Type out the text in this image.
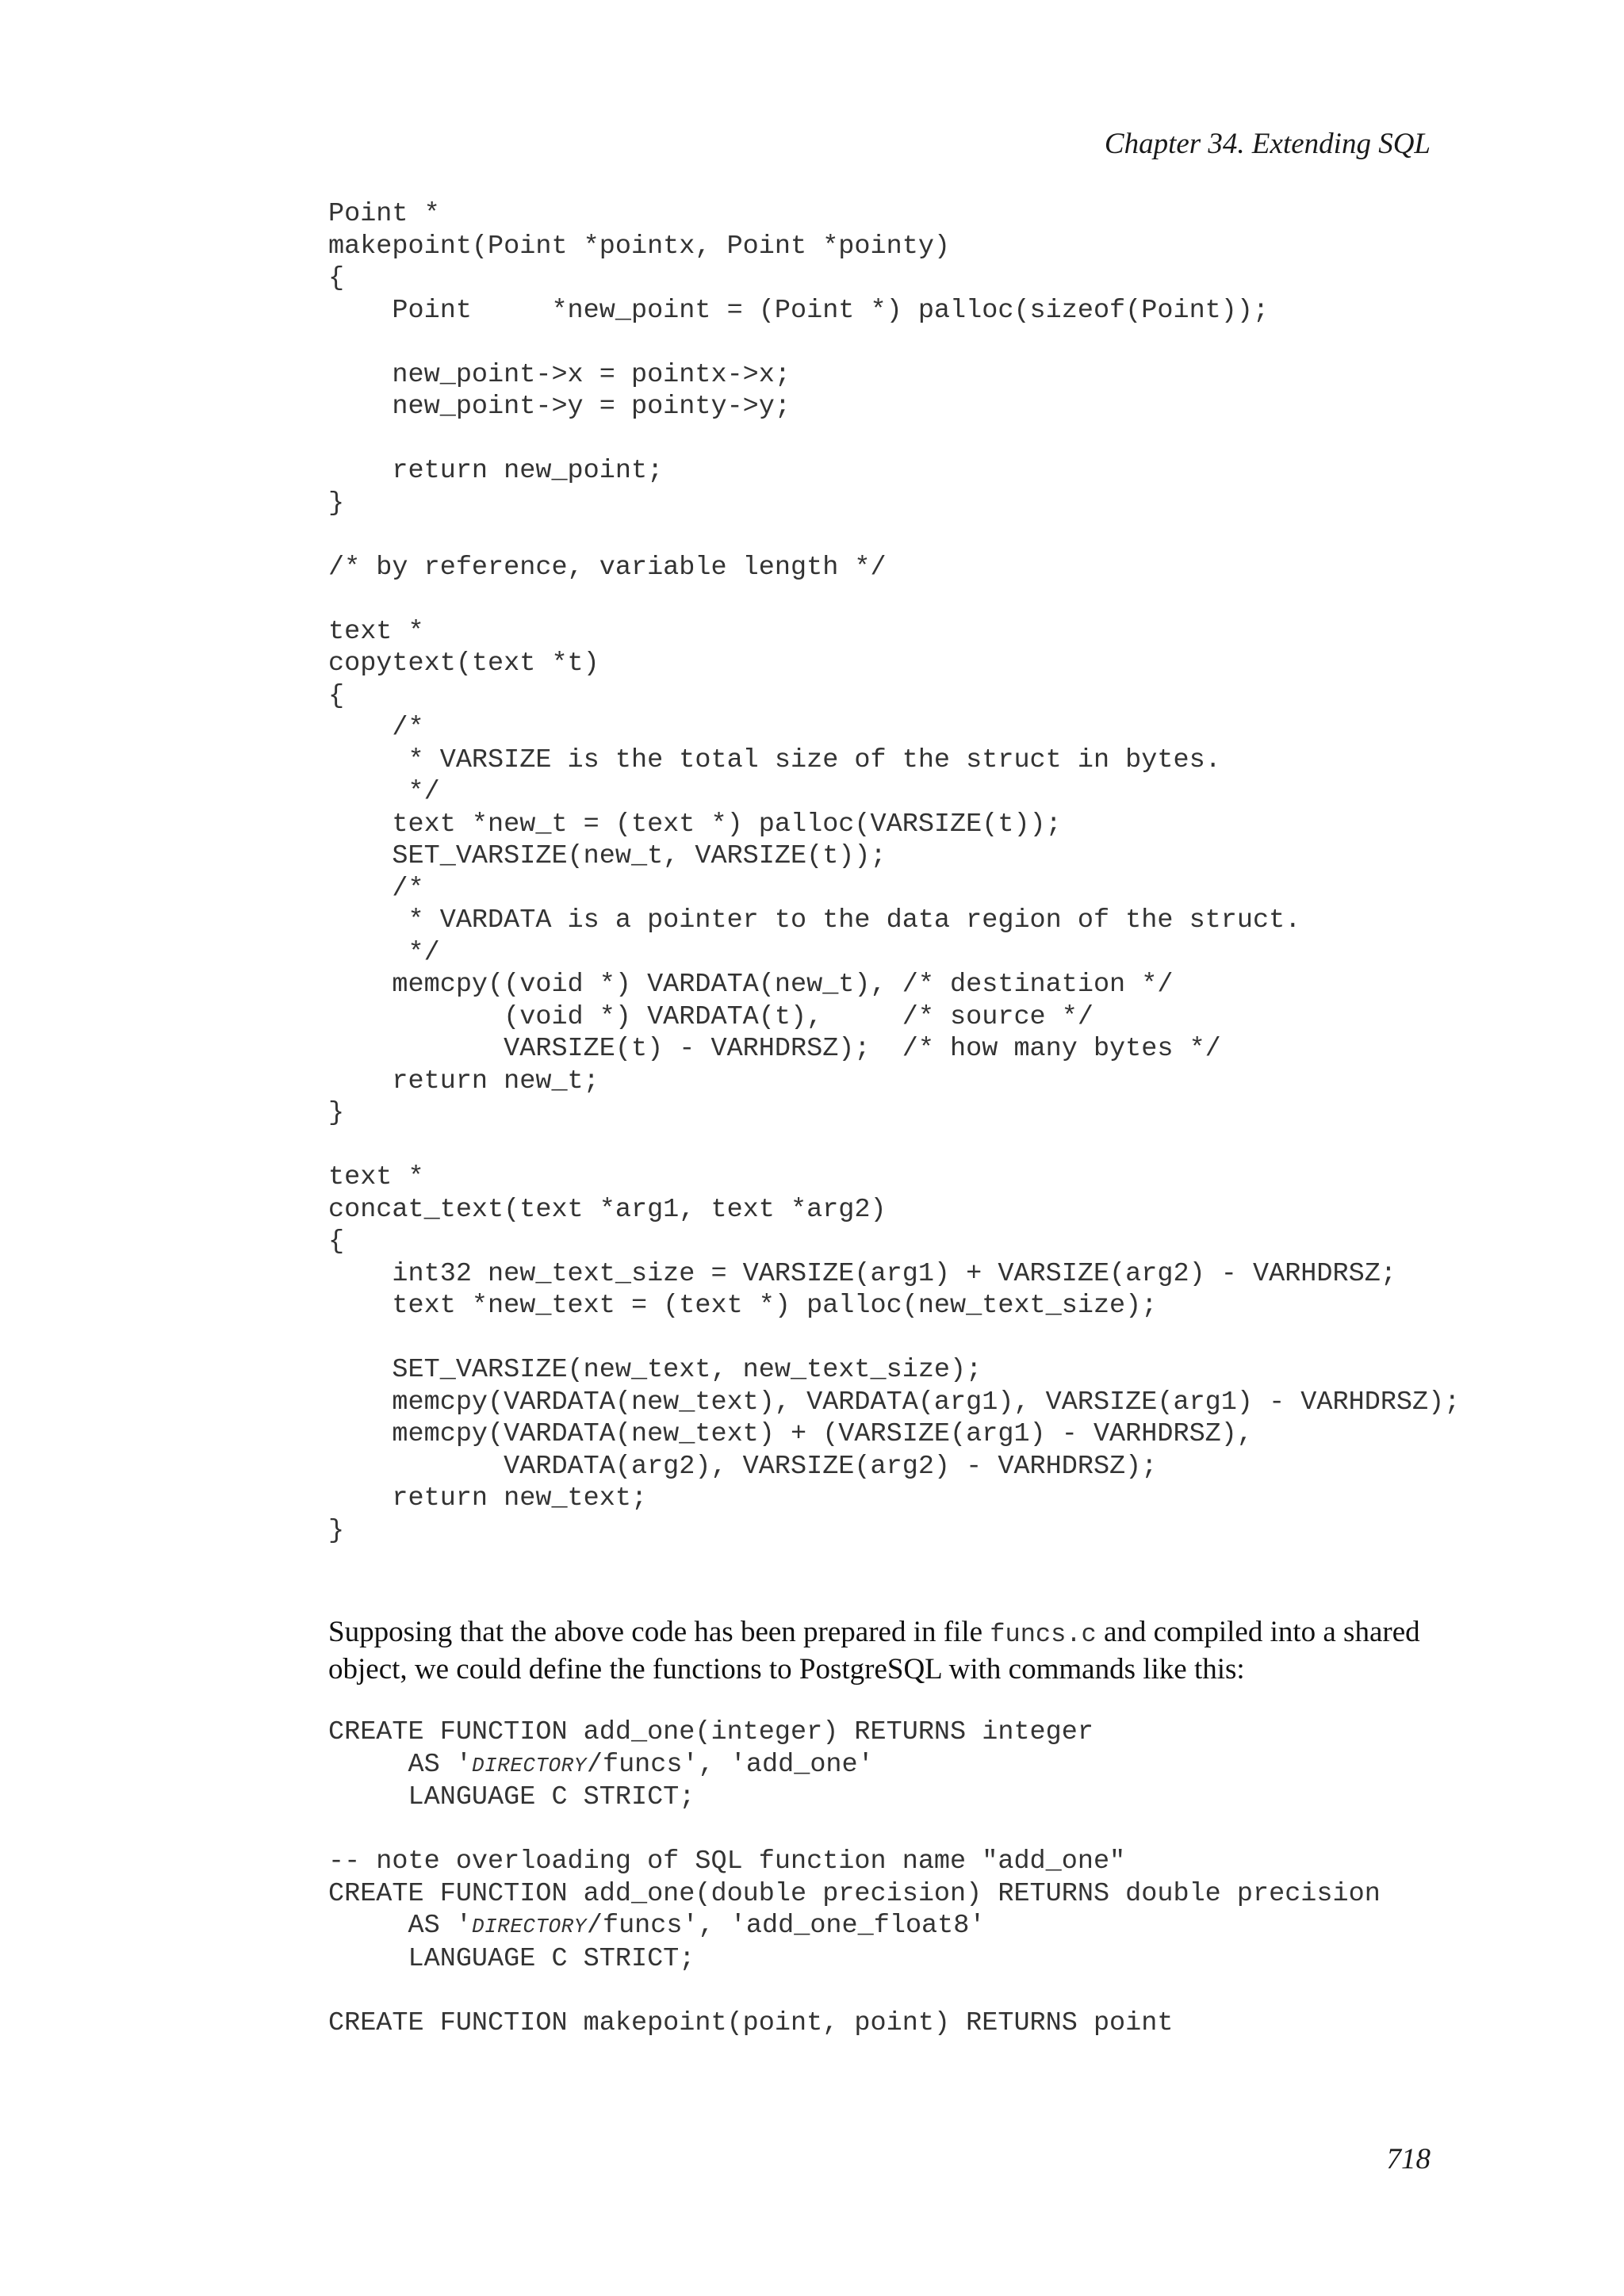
Chapter 34. Extending SQL
Point *
makepoint(Point *pointx, Point *pointy)
{
Point     *new_point = (Point *) palloc(sizeof(Point));

new_point->x = pointx->x;
new_point->y = pointy->y;

return new_point;
}

/* by reference, variable length */

text *
copytext(text *t)
{
/*
* VARSIZE is the total size of the struct in bytes.
*/
text *new_t = (text *) palloc(VARSIZE(t));
SET_VARSIZE(new_t, VARSIZE(t));
/*
* VARDATA is a pointer to the data region of the struct.
*/
memcpy((void *) VARDATA(new_t), /* destination */
(void *) VARDATA(t),     /* source */
VARSIZE(t) - VARHDRSZ);  /* how many bytes */
return new_t;
}

text *
concat_text(text *arg1, text *arg2)
{
int32 new_text_size = VARSIZE(arg1) + VARSIZE(arg2) - VARHDRSZ;
text *new_text = (text *) palloc(new_text_size);

SET_VARSIZE(new_text, new_text_size);
memcpy(VARDATA(new_text), VARDATA(arg1), VARSIZE(arg1) - VARHDRSZ);
memcpy(VARDATA(new_text) + (VARSIZE(arg1) - VARHDRSZ),
VARDATA(arg2), VARSIZE(arg2) - VARHDRSZ);
return new_text;
}

Supposing that the above code has been prepared in file funcs.c and compiled into a shared object, we could define the functions to PostgreSQL with commands like this:

CREATE FUNCTION add_one(integer) RETURNS integer
AS 'DIRECTORY/funcs', 'add_one'
LANGUAGE C STRICT;

-- note overloading of SQL function name "add_one"
CREATE FUNCTION add_one(double precision) RETURNS double precision
AS 'DIRECTORY/funcs', 'add_one_float8'
LANGUAGE C STRICT;

CREATE FUNCTION makepoint(point, point) RETURNS point
718
